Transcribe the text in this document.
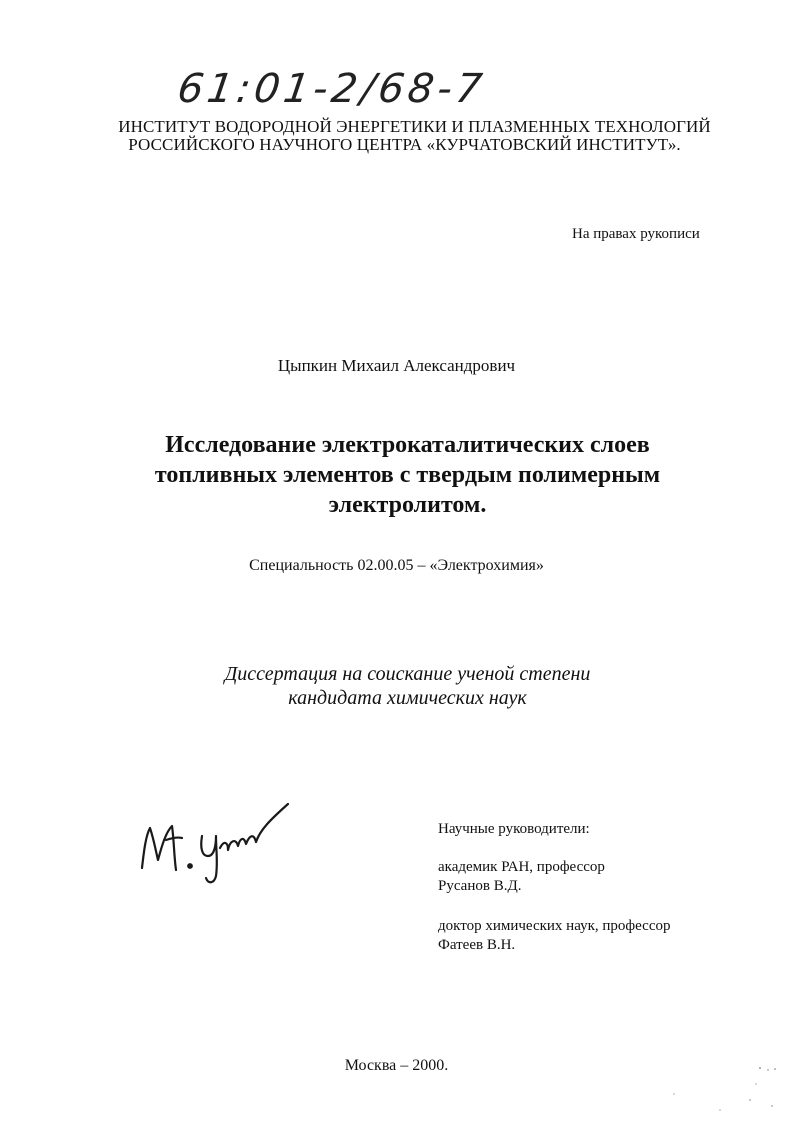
61:01-2/68-7
ИНСТИТУТ ВОДОРОДНОЙ ЭНЕРГЕТИКИ И ПЛАЗМЕННЫХ ТЕХНОЛОГИЙ
РОССИЙСКОГО НАУЧНОГО ЦЕНТРА «КУРЧАТОВСКИЙ ИНСТИТУТ».
На правах рукописи
Цыпкин Михаил Александрович
Исследование электрокаталитических слоев
топливных элементов с твердым полимерным
электролитом.
Специальность 02.00.05 – «Электрохимия»
Диссертация на соискание ученой степени
кандидата химических наук
Научные руководители:
академик РАН, профессор
Русанов В.Д.
доктор химических наук, профессор
Фатеев В.Н.
Москва – 2000.
